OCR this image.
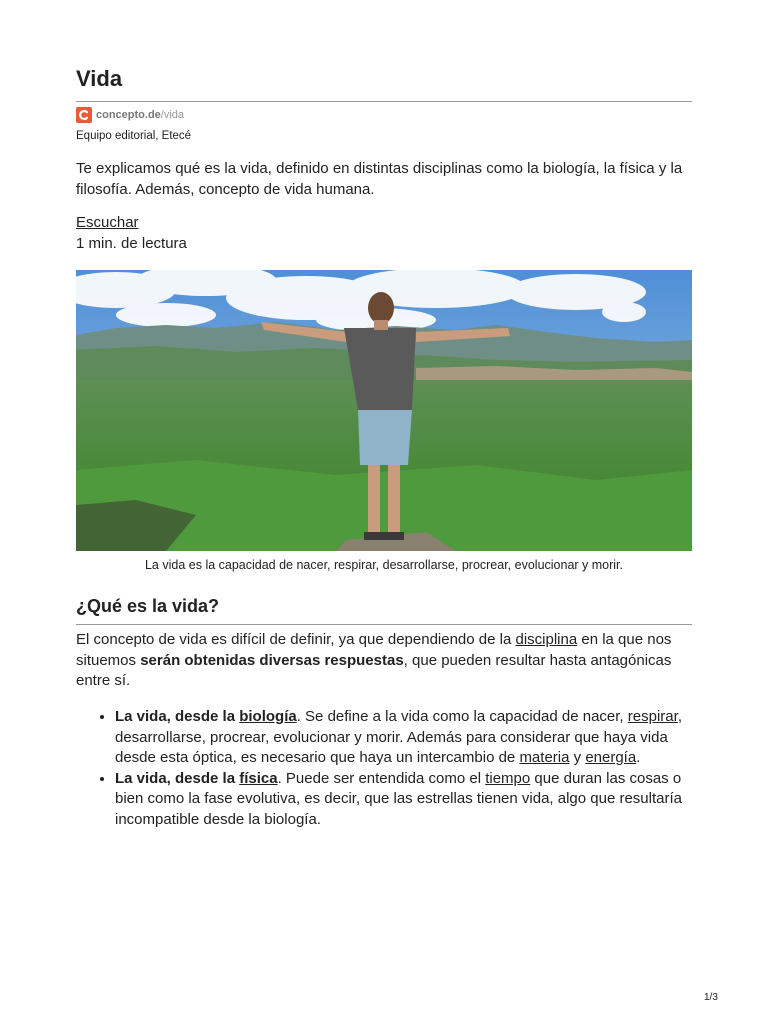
Vida
concepto.de /vida
Equipo editorial, Etecé

Te explicamos qué es la vida, definido en distintas disciplinas como la biología, la física y la filosofía. Además, concepto de vida humana.

Escuchar
1 min. de lectura
La vida es la capacidad de nacer, respirar, desarrollarse, procrear, evolucionar y morir.
¿Qué es la vida?

El concepto de vida es difícil de definir, ya que dependiendo de la disciplina en la que nos situemos serán obtenidas diversas respuestas, que pueden resultar hasta antagónicas entre sí.

• La vida, desde la biología. Se define a la vida como la capacidad de nacer, respirar, desarrollarse, procrear, evolucionar y morir. Además para considerar que haya vida desde esta óptica, es necesario que haya un intercambio de materia y energía.
• La vida, desde la física. Puede ser entendida como el tiempo que duran las cosas o bien como la fase evolutiva, es decir, que las estrellas tienen vida, algo que resultaría incompatible desde la biología.
1/3
